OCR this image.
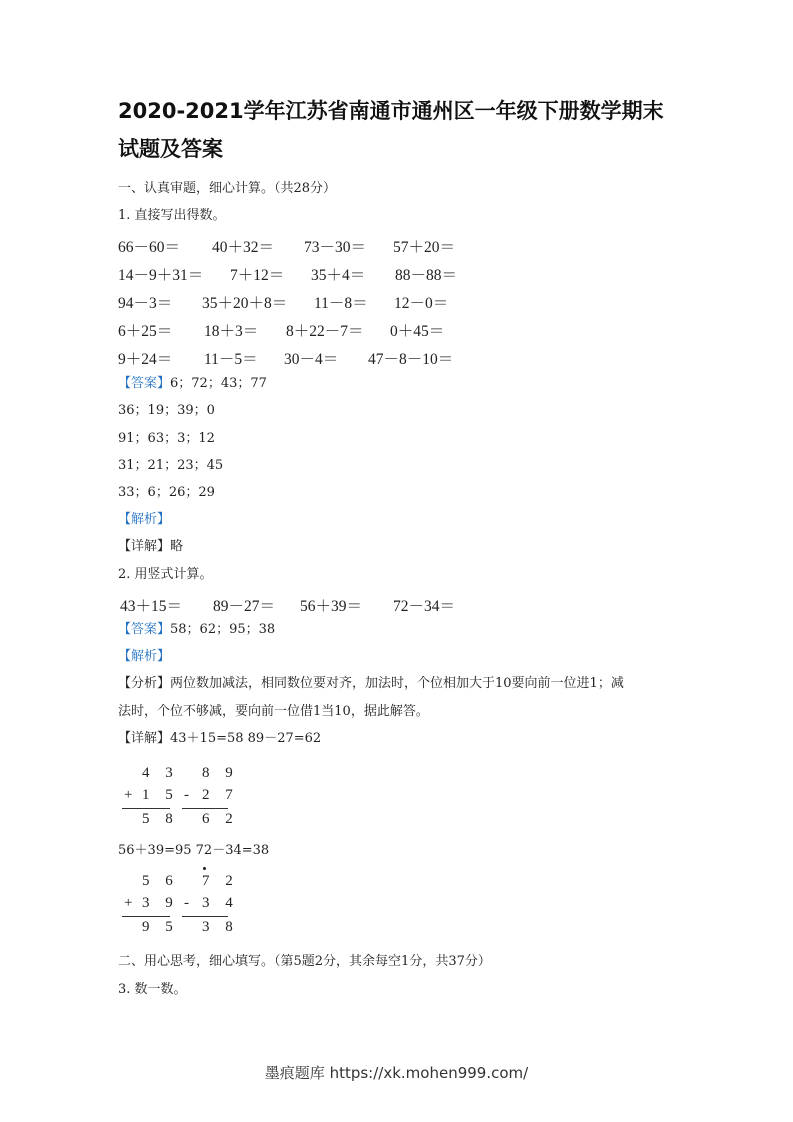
2020-2021学年江苏省南通市通州区一年级下册数学期末试题及答案
一、认真审题，细心计算。（共28分）
1. 直接写出得数。
66－60＝ 40＋32＝ 73－30＝ 57＋20＝
14－9＋31＝ 7＋12＝ 35＋4＝ 88－88＝
94－3＝ 35＋20＋8＝ 11－8＝ 12－0＝
6＋25＝ 18＋3＝ 8＋22－7＝ 0＋45＝
9＋24＝ 11－5＝ 30－4＝ 47－8－10＝
【答案】6；72；43；77
36；19；39；0
91；63；3；12
31；21；23；45
33；6；26；29
【解析】
【详解】略
2. 用竖式计算。
43＋15＝ 89－27＝ 56＋39＝ 72－34＝
【答案】58；62；95；38
【解析】
【分析】两位数加减法，相同数位要对齐，加法时，个位相加大于10要向前一位进1；减
法时，个位不够减，要向前一位借1当10，据此解答。
【详解】43＋15=58 89－27=62
4 3
+ 1 5
5 8
8 9
- 2 7
6 2
56＋39=95 72－34=38
5 6
+ 3 9
9 5
7 2
- 3 4
3 8
二、用心思考，细心填写。（第5题2分，其余每空1分，共37分）
3. 数一数。
墨痕题库 https://xk.mohen999.com/
